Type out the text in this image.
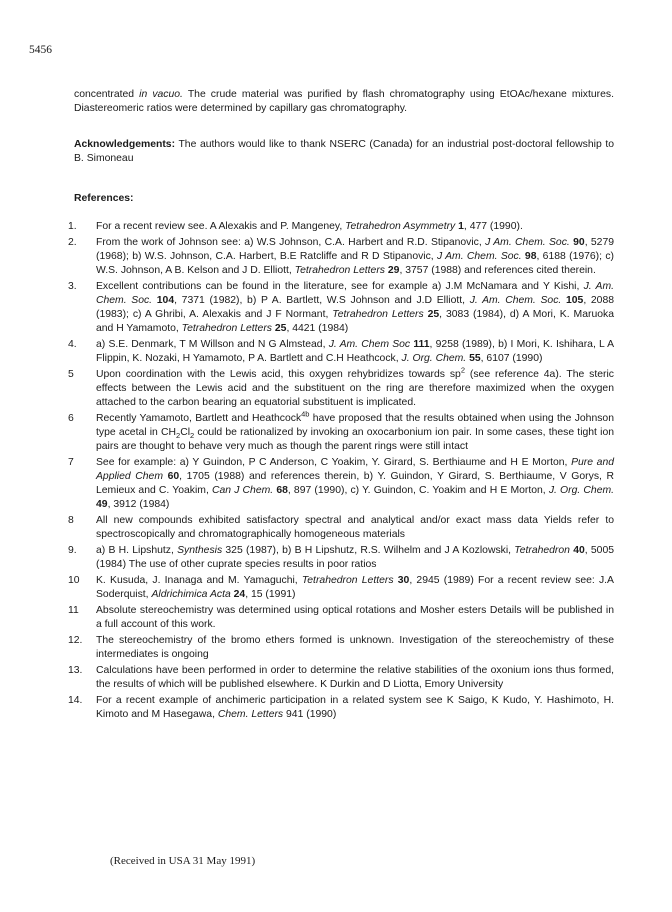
5456

concentrated in vacuo. The crude material was purified by flash chromatography using EtOAc/hexane mixtures. Diastereomeric ratios were determined by capillary gas chromatography.

Acknowledgements: The authors would like to thank NSERC (Canada) for an industrial post-doctoral fellowship to B. Simoneau

References:
1.	For a recent review see. A Alexakis and P. Mangeney, Tetrahedron Asymmetry 1, 477 (1990).
2.	From the work of Johnson see: a) W.S Johnson, C.A. Harbert and R.D. Stipanovic, J Am. Chem. Soc. 90, 5279 (1968); b) W.S. Johnson, C.A. Harbert, B.E Ratcliffe and R D Stipanovic, J Am. Chem. Soc. 98, 6188 (1976); c) W.S. Johnson, A B. Kelson and J D. Elliott, Tetrahedron Letters 29, 3757 (1988) and references cited therein.
3.	Excellent contributions can be found in the literature, see for example a) J.M McNamara and Y Kishi, J. Am. Chem. Soc. 104, 7371 (1982), b) P A. Bartlett, W.S Johnson and J.D Elliott, J. Am. Chem. Soc. 105, 2088 (1983); c) A Ghribi, A. Alexakis and J F Normant, Tetrahedron Letters 25, 3083 (1984), d) A Mori, K. Maruoka and H Yamamoto, Tetrahedron Letters 25, 4421 (1984)
4.	a) S.E. Denmark, T M Willson and N G Almstead, J. Am. Chem Soc 111, 9258 (1989), b) I Mori, K. Ishihara, L A Flippin, K. Nozaki, H Yamamoto, P A. Bartlett and C.H Heathcock, J. Org. Chem. 55, 6107 (1990)
5	Upon coordination with the Lewis acid, this oxygen rehybridizes towards $sp^2$ (see reference 4a). The steric effects between the Lewis acid and the substituent on the ring are therefore maximized when the oxygen attached to the carbon bearing an equatorial substituent is implicated.
6	Recently Yamamoto, Bartlett and Heathcock$^{4b}$ have proposed that the results obtained when using the Johnson type acetal in $CH_2Cl_2$ could be rationalized by invoking an oxocarbonium ion pair. In some cases, these tight ion pairs are thought to behave very much as though the parent rings were still intact
7	See for example: a) Y Guindon, P C Anderson, C Yoakim, Y. Girard, S. Berthiaume and H E Morton, Pure and Applied Chem 60, 1705 (1988) and references therein, b) Y. Guindon, Y Girard, S. Berthiaume, V Gorys, R Lemieux and C. Yoakim, Can J Chem. 68, 897 (1990), c) Y. Guindon, C. Yoakim and H E Morton, J. Org. Chem. 49, 3912 (1984)
8	All new compounds exhibited satisfactory spectral and analytical and/or exact mass data Yields refer to spectroscopically and chromatographically homogeneous materials
9.	a) B H. Lipshutz, Synthesis 325 (1987), b) B H Lipshutz, R.S. Wilhelm and J A Kozlowski, Tetrahedron 40, 5005 (1984) The use of other cuprate species results in poor ratios
10	K. Kusuda, J. Inanaga and M. Yamaguchi, Tetrahedron Letters 30, 2945 (1989) For a recent review see: J.A Soderquist, Aldrichimica Acta 24, 15 (1991)
11	Absolute stereochemistry was determined using optical rotations and Mosher esters Details will be published in a full account of this work.
12.	The stereochemistry of the bromo ethers formed is unknown. Investigation of the stereochemistry of these intermediates is ongoing
13.	Calculations have been performed in order to determine the relative stabilities of the oxonium ions thus formed, the results of which will be published elsewhere. K Durkin and D Liotta, Emory University
14.	For a recent example of anchimeric participation in a related system see K Saigo, K Kudo, Y. Hashimoto, H. Kimoto and M Hasegawa, Chem. Letters 941 (1990)
(Received in USA 31 May 1991)
